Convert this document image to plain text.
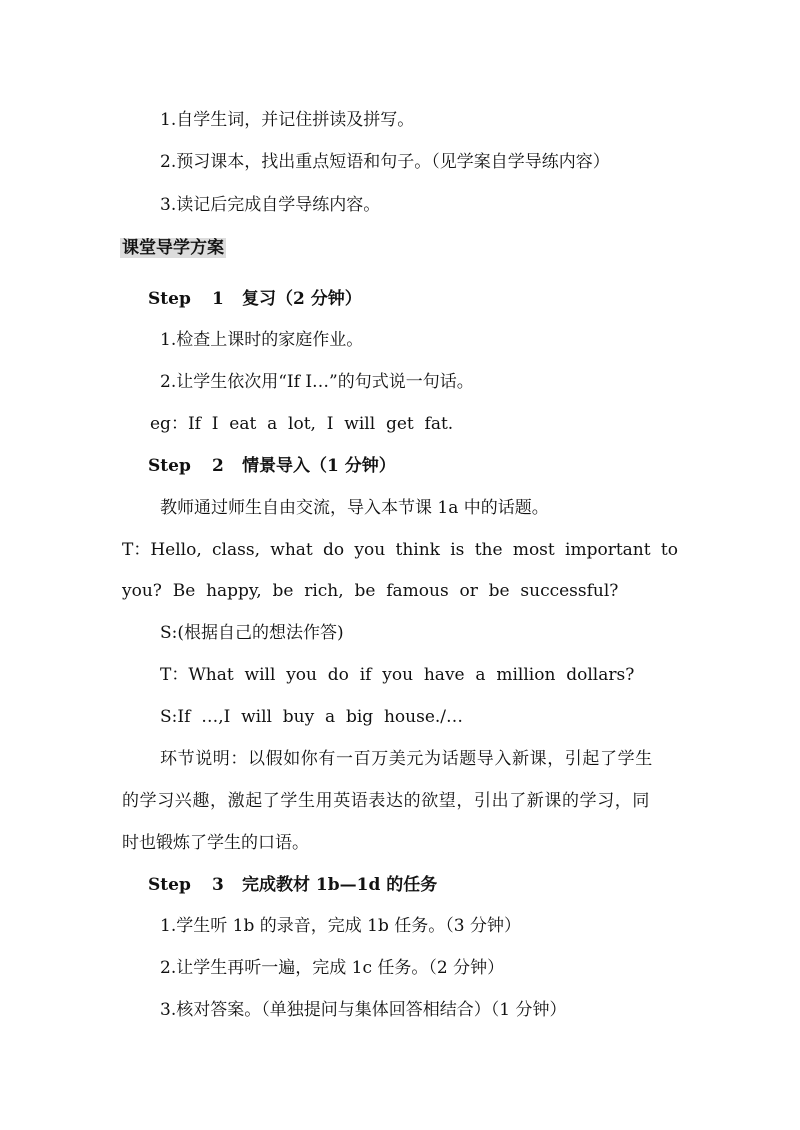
1.自学生词，并记住拼读及拼写。
2.预习课本，找出重点短语和句子。（见学案自学导练内容）
3.读记后完成自学导练内容。
课堂导学方案
Step 1 复习（2 分钟）
1.检查上课时的家庭作业。
2.让学生依次用“If I…”的句式说一句话。
eg：If  I  eat  a  lot,  I  will  get  fat.
Step 2 情景导入（1 分钟）
教师通过师生自由交流，导入本节课 1a 中的话题。
T：Hello, class, what do you think is the most important to
you?  Be  happy,  be  rich,  be  famous  or  be  successful?
S:(根据自己的想法作答)
T：What  will  you  do  if  you  have  a  million  dollars?
S:If  …,I  will  buy  a  big  house./…
环节说明：以假如你有一百万美元为话题导入新课，引起了学生
的学习兴趣，激起了学生用英语表达的欲望，引出了新课的学习，同
时也锻炼了学生的口语。
Step 3 完成教材 1b—1d 的任务
1.学生听 1b 的录音，完成 1b 任务。（3 分钟）
2.让学生再听一遍，完成 1c 任务。（2 分钟）
3.核对答案。（单独提问与集体回答相结合）（1 分钟）
